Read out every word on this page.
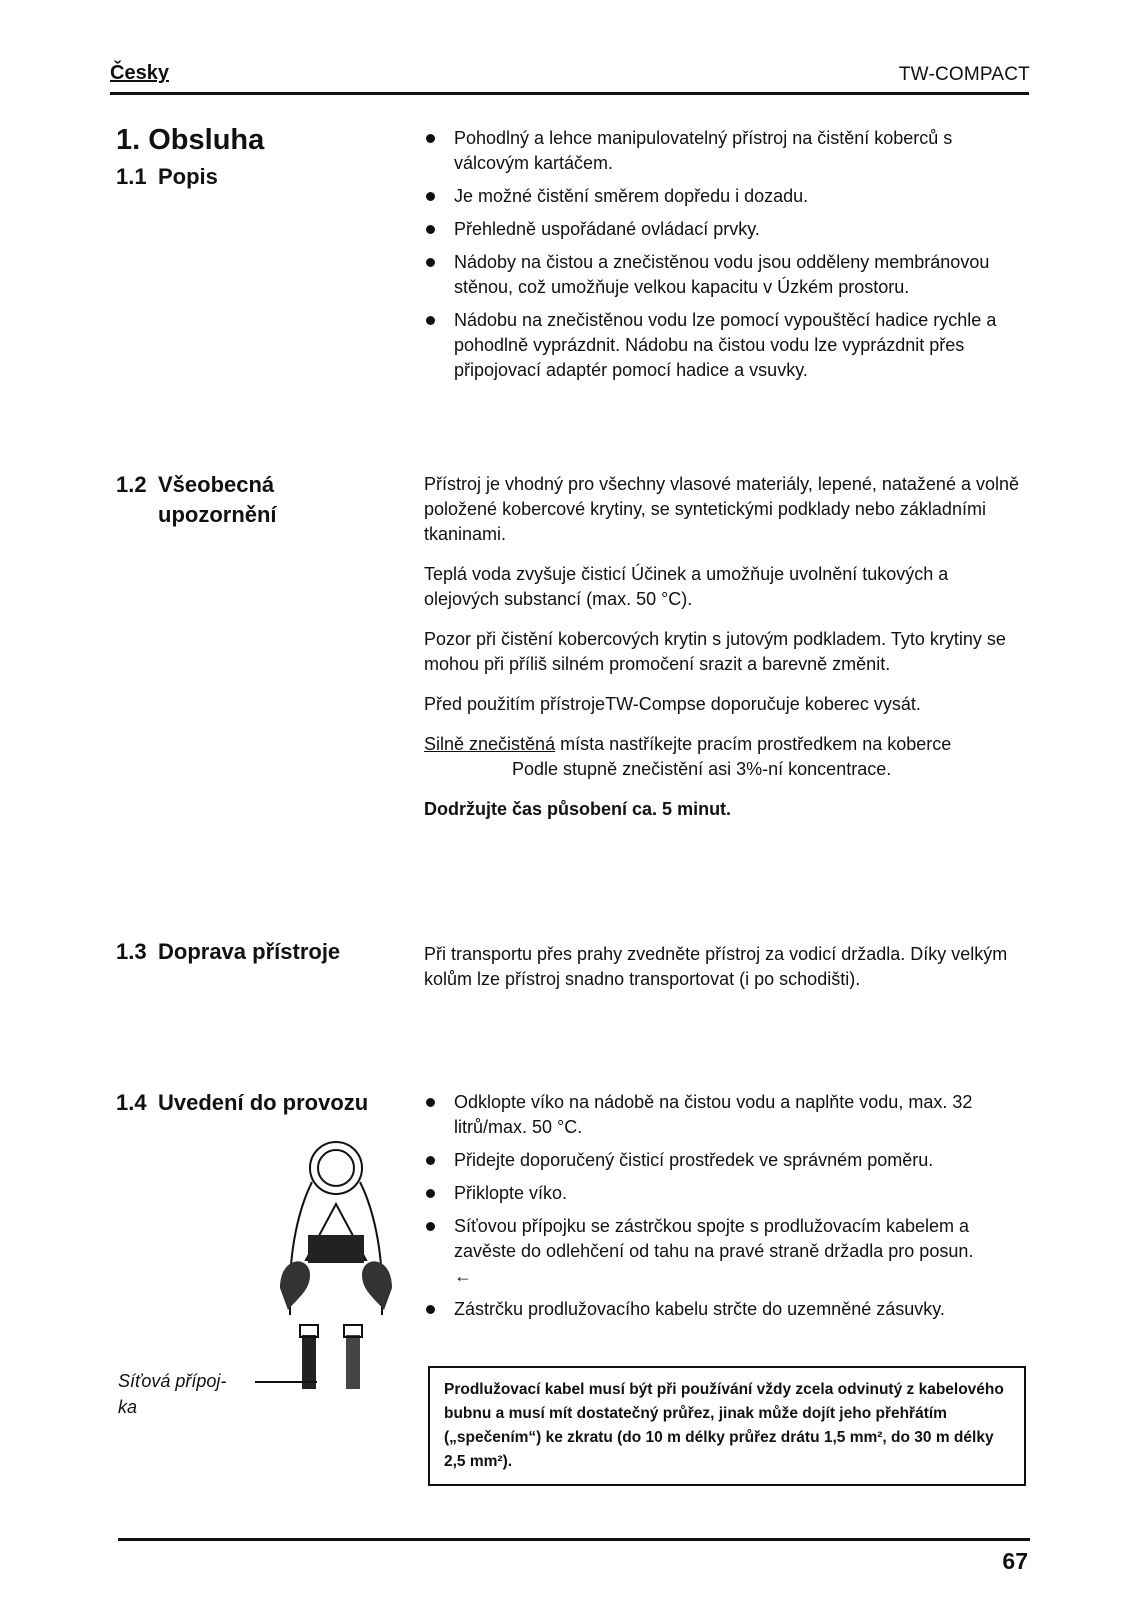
Česky	TW-COMPACT
1. Obsluha
1.1 Popis
Pohodlný a lehce manipulovatelný přístroj na čistění koberců s válcovým kartáčem.
Je možné čistění směrem dopředu i dozadu.
Přehledně uspořádané ovládací prvky.
Nádoby na čistou a znečistěnou vodu jsou odděleny membránovou stěnou, což umožňuje velkou kapacitu v Úzkém prostoru.
Nádobu na znečistěnou vodu lze pomocí vypouštěcí hadice rychle a pohodlně vyprázdnit. Nádobu na čistou vodu lze vyprázdnit přes připojovací adaptér pomocí hadice a vsuvky.
1.2 Všeobecná
upozornění

Přístroj je vhodný pro všechny vlasové materiály, lepené, natažené a volně položené kobercové krytiny, se syntetickými podklady nebo základními tkaninami.

Teplá voda zvyšuje čisticí Účinek a umožňuje uvolnění tukových a olejových substancí (max. 50 °C).

Pozor při čistění kobercových krytin s jutovým podkladem. Tyto krytiny se mohou při příliš silném promočení srazit a barevně změnit.

Před použitím přístrojeTW-Compse doporučuje koberec vysát.

Silně znečistěná místa nastříkejte pracím prostředkem na koberce
Podle stupně znečistění asi 3%-ní koncentrace.

Dodržujte čas působení ca. 5 minut.

1.3 Doprava přístroje	Při transportu přes prahy zvedněte přístroj za vodicí držadla. Díky velkým kolům lze přístroj snadno transportovat (i po schodišti).

1.4 Uvedení do provozu	Odklopte víko na nádobě na čistou vodu a naplňte vodu, max. 32 litrů/max. 50 °C.
Přidejte doporučený čisticí prostředek ve správném poměru.
Přiklopte víko.
Síťovou přípojku se zástrčkou spojte s prodlužovacím kabelem a zavěste do odlehčení od tahu na pravé straně držadla pro posun.
←
Zástrčku prodlužovacího kabelu strčte do uzemněné zásuvky.
Síťová přípoj-
ka
Prodlužovací kabel musí být při používání vždy zcela odvinutý z kabelového bubnu a musí mít dostatečný průřez, jinak může dojít jeho přehřátím („spečením“) ke zkratu (do 10 m délky průřez drátu 1,5 mm², do 30 m délky 2,5 mm²).
67
